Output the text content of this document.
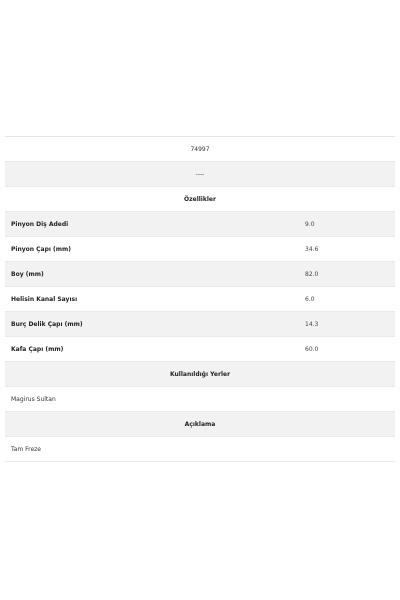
74997
----
Özellikler
Pinyon Diş Adedi	9.0
Pinyon Çapı (mm)	34.6
Boy (mm)	82.0
Helisin Kanal Sayısı	6.0
Burç Delik Çapı (mm)	14.3
Kafa Çapı (mm)	60.0
Kullanıldığı Yerler
Magirus Sultan
Açıklama
Tam Freze
